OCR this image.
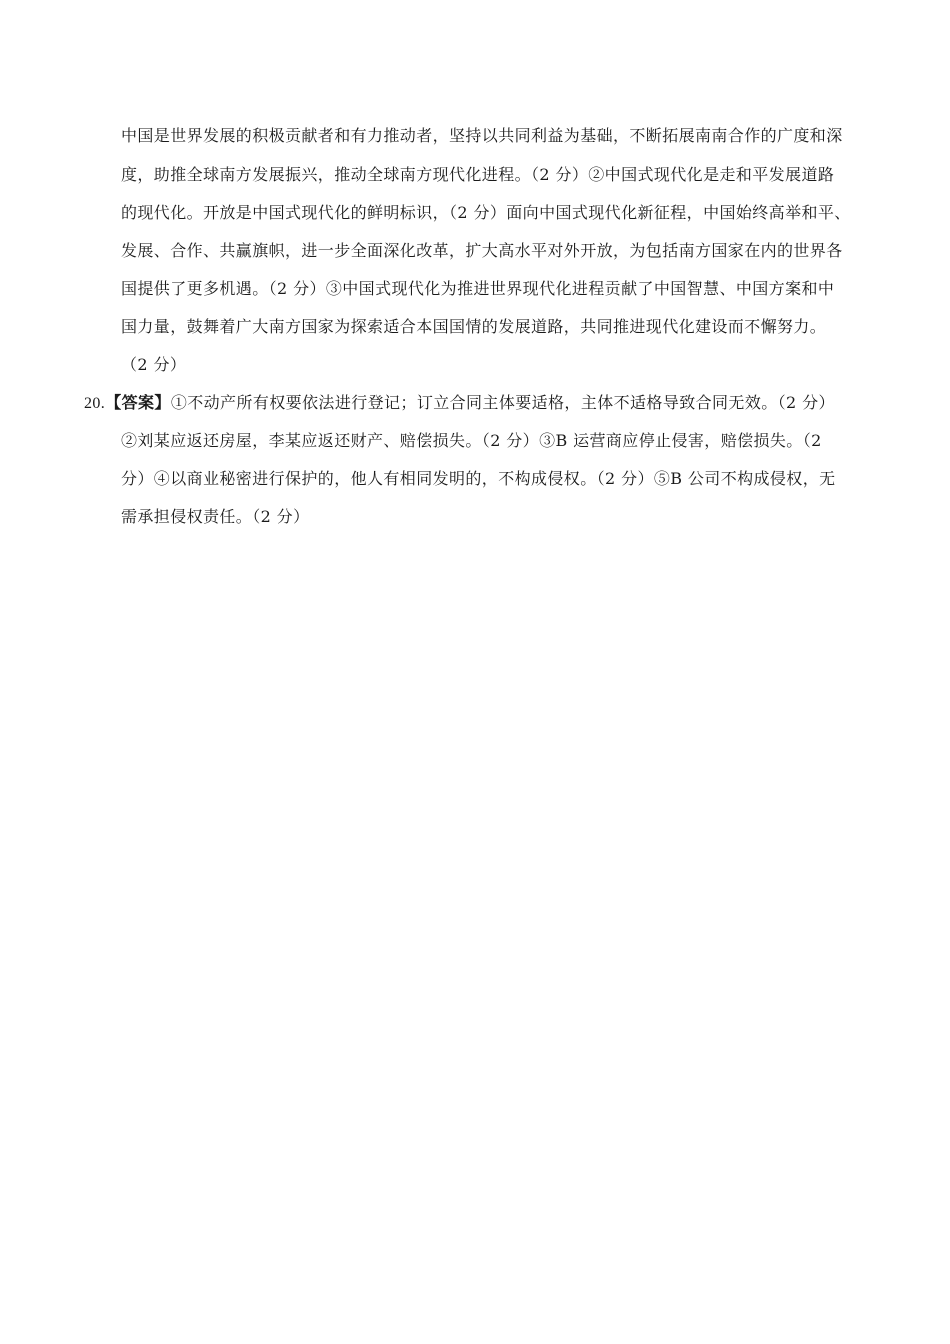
中国是世界发展的积极贡献者和有力推动者，坚持以共同利益为基础，不断拓展南南合作的广度和深
度，助推全球南方发展振兴，推动全球南方现代化进程。（2 分）②中国式现代化是走和平发展道路
的现代化。开放是中国式现代化的鲜明标识，（2 分）面向中国式现代化新征程，中国始终高举和平、
发展、合作、共赢旗帜，进一步全面深化改革，扩大高水平对外开放，为包括南方国家在内的世界各
国提供了更多机遇。（2 分）③中国式现代化为推进世界现代化进程贡献了中国智慧、中国方案和中
国力量，鼓舞着广大南方国家为探索适合本国国情的发展道路，共同推进现代化建设而不懈努力。
（2 分）
20.【答案】①不动产所有权要依法进行登记；订立合同主体要适格，主体不适格导致合同无效。（2 分）
②刘某应返还房屋，李某应返还财产、赔偿损失。（2 分）③B 运营商应停止侵害，赔偿损失。（2
分）④以商业秘密进行保护的，他人有相同发明的，不构成侵权。（2 分）⑤B 公司不构成侵权，无
需承担侵权责任。（2 分）
